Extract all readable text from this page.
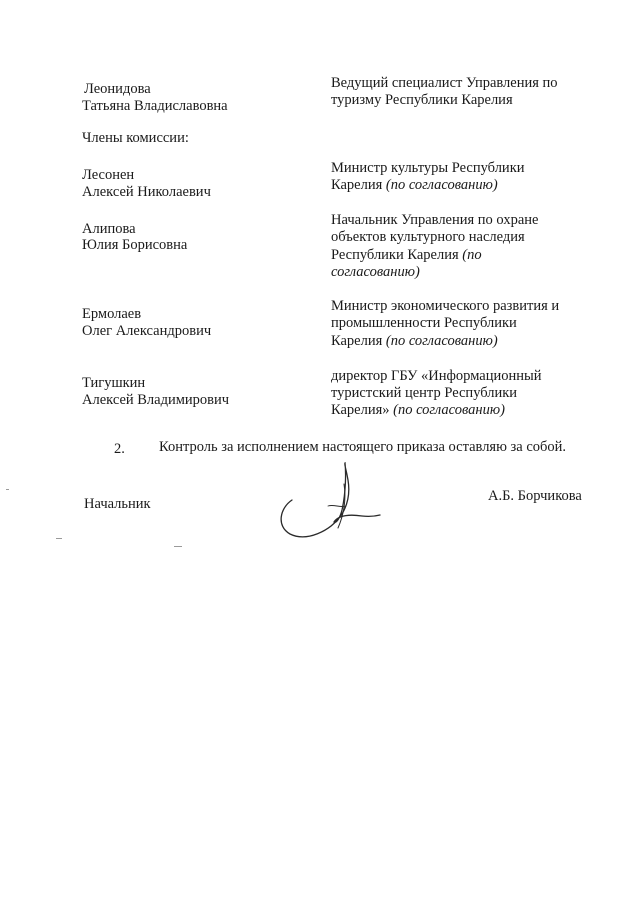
Леонидова
Татьяна Владиславовна
Ведущий специалист Управления по
туризму Республики Карелия
Члены комиссии:
Лесонен
Алексей Николаевич
Министр культуры Республики
Карелия (по согласованию)
Алипова
Юлия Борисовна
Начальник Управления по охране
объектов культурного наследия
Республики Карелия (по
согласованию)
Ермолаев
Олег Александрович
Министр экономического развития и
промышленности Республики
Карелия (по согласованию)
Тигушкин
Алексей Владимирович
директор ГБУ «Информационный
туристский центр Республики
Карелия» (по согласованию)
2. Контроль за исполнением настоящего приказа оставляю за собой.
Начальник	А.Б. Борчикова
